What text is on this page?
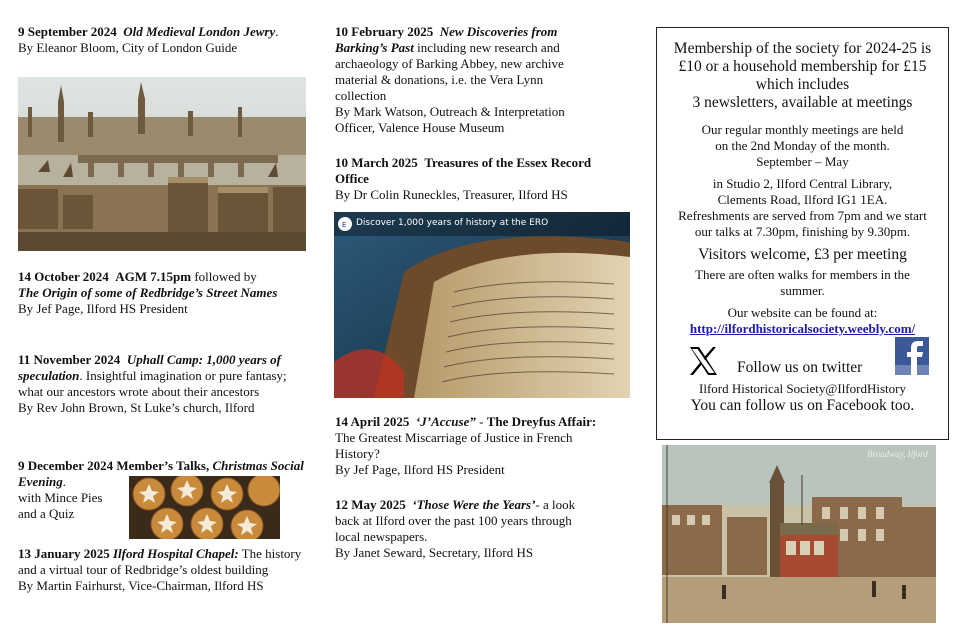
9 September 2024 Old Medieval London Jewry.
By Eleanor Bloom, City of London Guide
14 October 2024 AGM 7.15pm followed by
The Origin of some of Redbridge’s Street Names
By Jef Page, Ilford HS President
11 November 2024 Uphall Camp: 1,000 years of speculation. Insightful imagination or pure fantasy; what our ancestors wrote about their ancestors
By Rev John Brown, St Luke’s church, Ilford
9 December 2024 Member’s Talks, Christmas Social Evening.
with Mince Pies
and a Quiz
13 January 2025 Ilford Hospital Chapel: The history and a virtual tour of Redbridge’s oldest building
By Martin Fairhurst, Vice-Chairman, Ilford HS
10 February 2025 New Discoveries from Barking’s Past including new research and archaeology of Barking Abbey, new archive material & donations, i.e. the Vera Lynn collection
By Mark Watson, Outreach & Interpretation Officer, Valence House Museum
10 March 2025 Treasures of the Essex Record Office
By Dr Colin Runeckles, Treasurer, Ilford HS
E Discover 1,000 years of history at the ERO
14 April 2025 ‘J’Accuse” - The Dreyfus Affair: The Greatest Miscarriage of Justice in French History?
By Jef Page, Ilford HS President
12 May 2025 ‘Those Were the Years’- a look back at Ilford over the past 100 years through local newspapers.
By Janet Seward, Secretary, Ilford HS
Membership of the society for 2024-25 is
£10 or a household membership for £15
which includes
3 newsletters, available at meetings
Our regular monthly meetings are held
on the 2nd Monday of the month.
September – May
in Studio 2, Ilford Central Library,
Clements Road, Ilford IG1 1EA.
Refreshments are served from 7pm and we start
our talks at 7.30pm, finishing by 9.30pm.
Visitors welcome, £3 per meeting
There are often walks for members in the
summer.
Our website can be found at:
http://ilfordhistoricalsociety.weebly.com/
Follow us on twitter
Ilford Historical Society@IlfordHistory
You can follow us on Facebook too.
Broadway, Ilford
